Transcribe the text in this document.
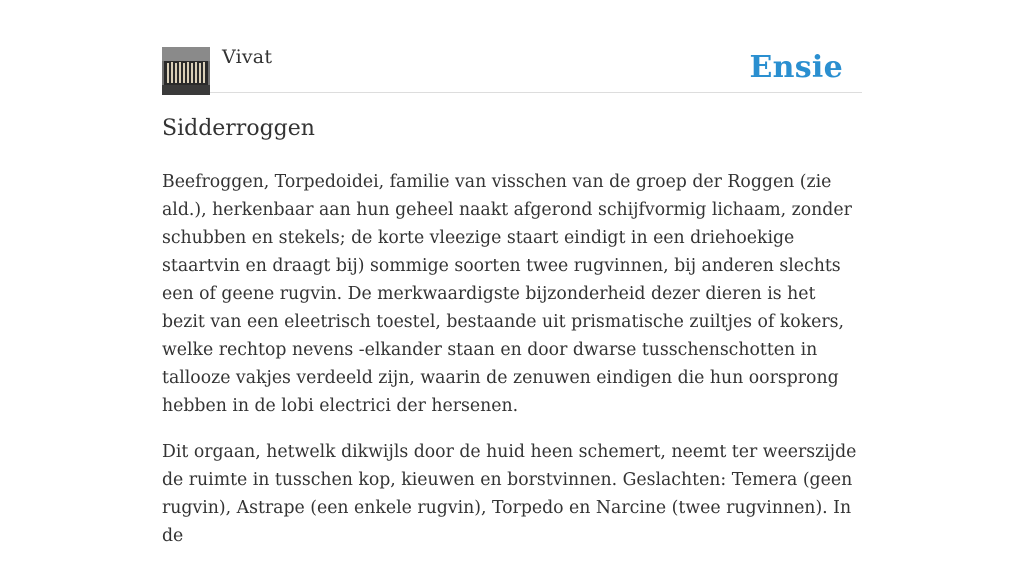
Vivat	Ensie
Sidderroggen

Beefroggen, Torpedoidei, familie van visschen van de groep der Roggen (zie ald.), herkenbaar aan hun geheel naakt afgerond schijfvormig lichaam, zonder schubben en stekels; de korte vleezige staart eindigt in een driehoekige staartvin en draagt bij) sommige soorten twee rugvinnen, bij anderen slechts een of geene rugvin. De merkwaardigste bijzonderheid dezer dieren is het bezit van een eleetrisch toestel, bestaande uit prismatische zuiltjes of kokers, welke rechtop nevens -elkander staan en door dwarse tusschenschotten in tallooze vakjes verdeeld zijn, waarin de zenuwen eindigen die hun oorsprong hebben in de lobi electrici der hersenen.

Dit orgaan, hetwelk dikwijls door de huid heen schemert, neemt ter weerszijde de ruimte in tusschen kop, kieuwen en borstvinnen. Geslachten: Temera (geen rugvin), Astrape (een enkele rugvin), Torpedo en Narcine (twee rugvinnen). In de
